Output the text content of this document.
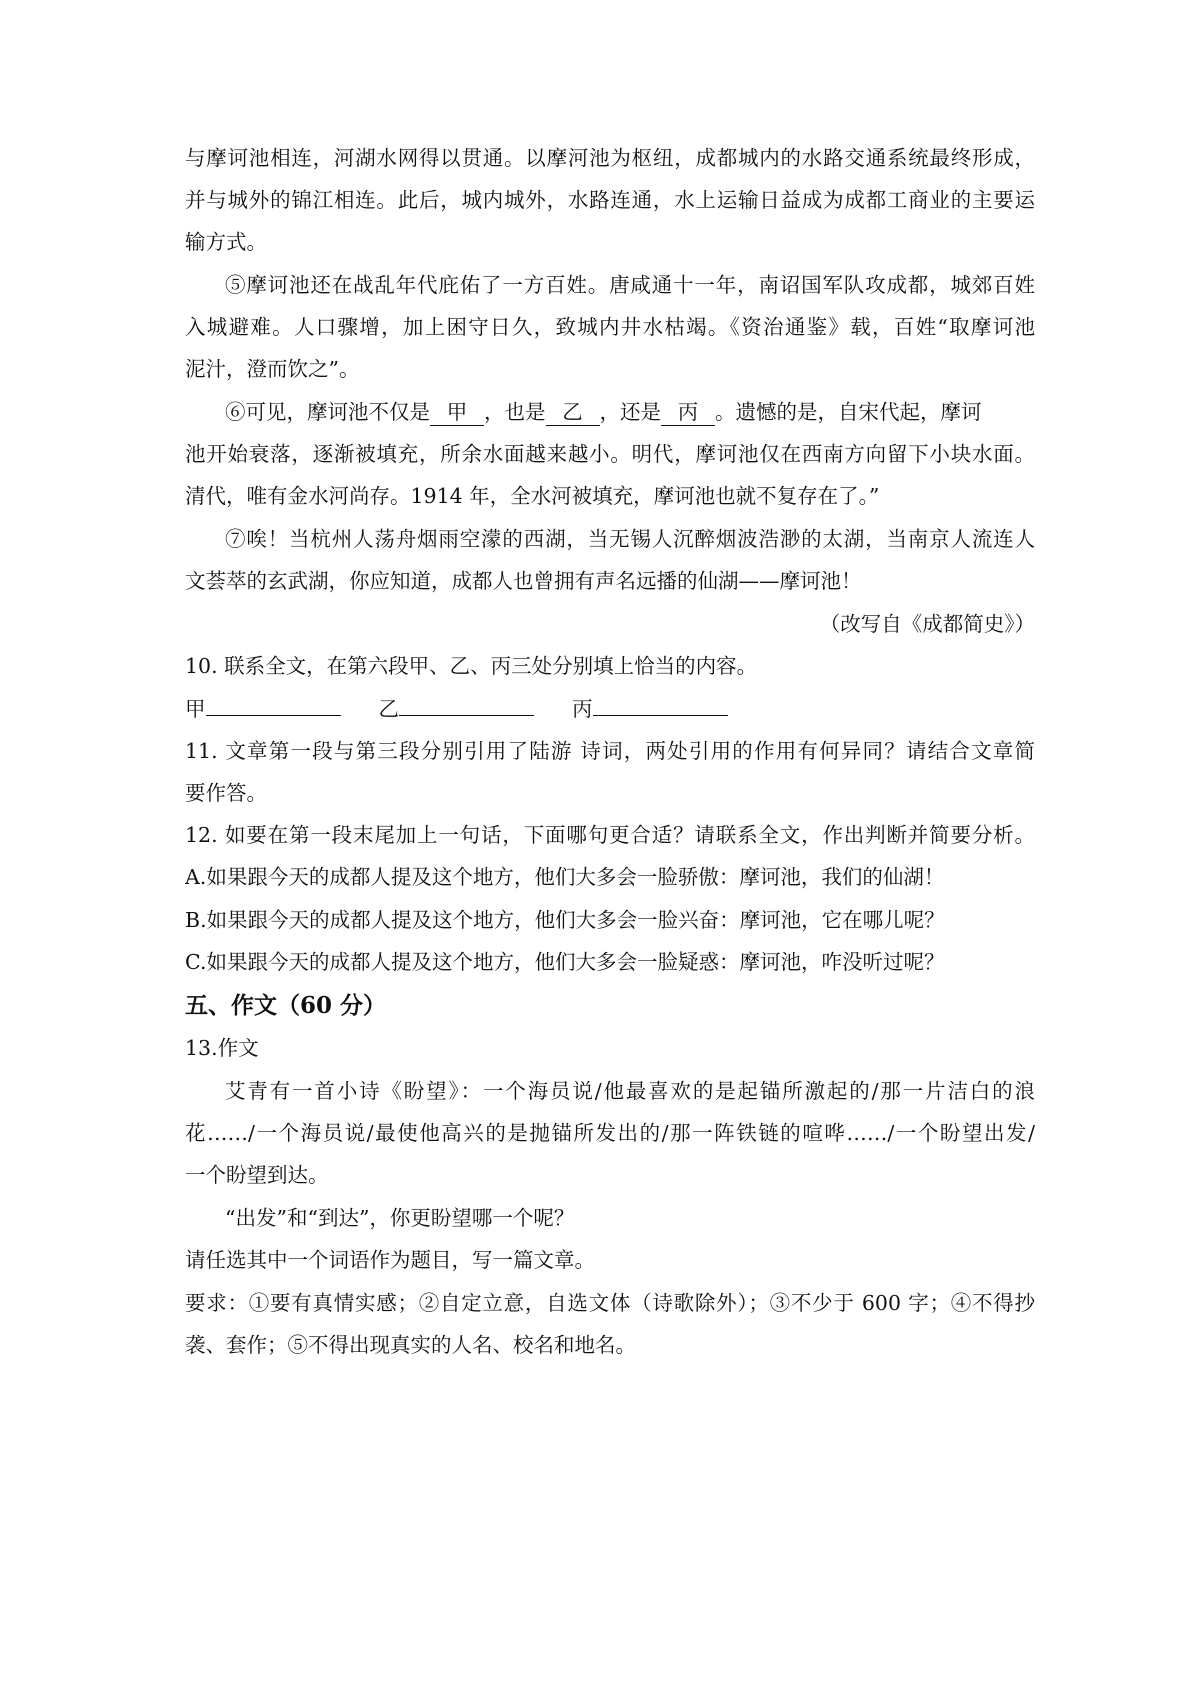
与摩诃池相连，河湖水网得以贯通。以摩河池为枢纽，成都城内的水路交通系统最终形成，
并与城外的锦江相连。此后，城内城外，水路连通，水上运输日益成为成都工商业的主要运
输方式。
⑤摩诃池还在战乱年代庇佑了一方百姓。唐咸通十一年，南诏国军队攻成都，城郊百姓
入城避难。人口骤增，加上困守日久，致城内井水枯竭。《资治通鉴》载，百姓“取摩诃池
泥汁，澄而饮之”。
⑥可见，摩诃池不仅是 甲 ，也是 乙 ，还是 丙 。遗憾的是，自宋代起，摩诃
池开始衰落，逐渐被填充，所余水面越来越小。明代，摩诃池仅在西南方向留下小块水面。
清代，唯有金水河尚存。1914 年，全水河被填充，摩诃池也就不复存在了。”
⑦唉！当杭州人荡舟烟雨空濛的西湖，当无锡人沉醉烟波浩渺的太湖，当南京人流连人
文荟萃的玄武湖，你应知道，成都人也曾拥有声名远播的仙湖——摩诃池！
（改写自《成都简史》）
10. 联系全文，在第六段甲、乙、丙三处分别填上恰当的内容。
甲	乙	丙
11. 文章第一段与第三段分别引用了陆游 诗词，两处引用的作用有何异同？请结合文章简
要作答。
12. 如要在第一段末尾加上一句话，下面哪句更合适？请联系全文，作出判断并简要分析。
A.如果跟今天的成都人提及这个地方，他们大多会一脸骄傲：摩诃池，我们的仙湖！
B.如果跟今天的成都人提及这个地方，他们大多会一脸兴奋：摩诃池，它在哪儿呢？
C.如果跟今天的成都人提及这个地方，他们大多会一脸疑惑：摩诃池，咋没听过呢？
五、作文（60 分）
13.作文
艾青有一首小诗《盼望》：一个海员说/他最喜欢的是起锚所激起的/那一片洁白的浪
花……/一个海员说/最使他高兴的是抛锚所发出的/那一阵铁链的喧哗……/一个盼望出发/
一个盼望到达。
“出发”和“到达”，你更盼望哪一个呢？
请任选其中一个词语作为题目，写一篇文章。
要求：①要有真情实感；②自定立意，自选文体（诗歌除外）；③不少于 600 字；④不得抄
袭、套作；⑤不得出现真实的人名、校名和地名。
